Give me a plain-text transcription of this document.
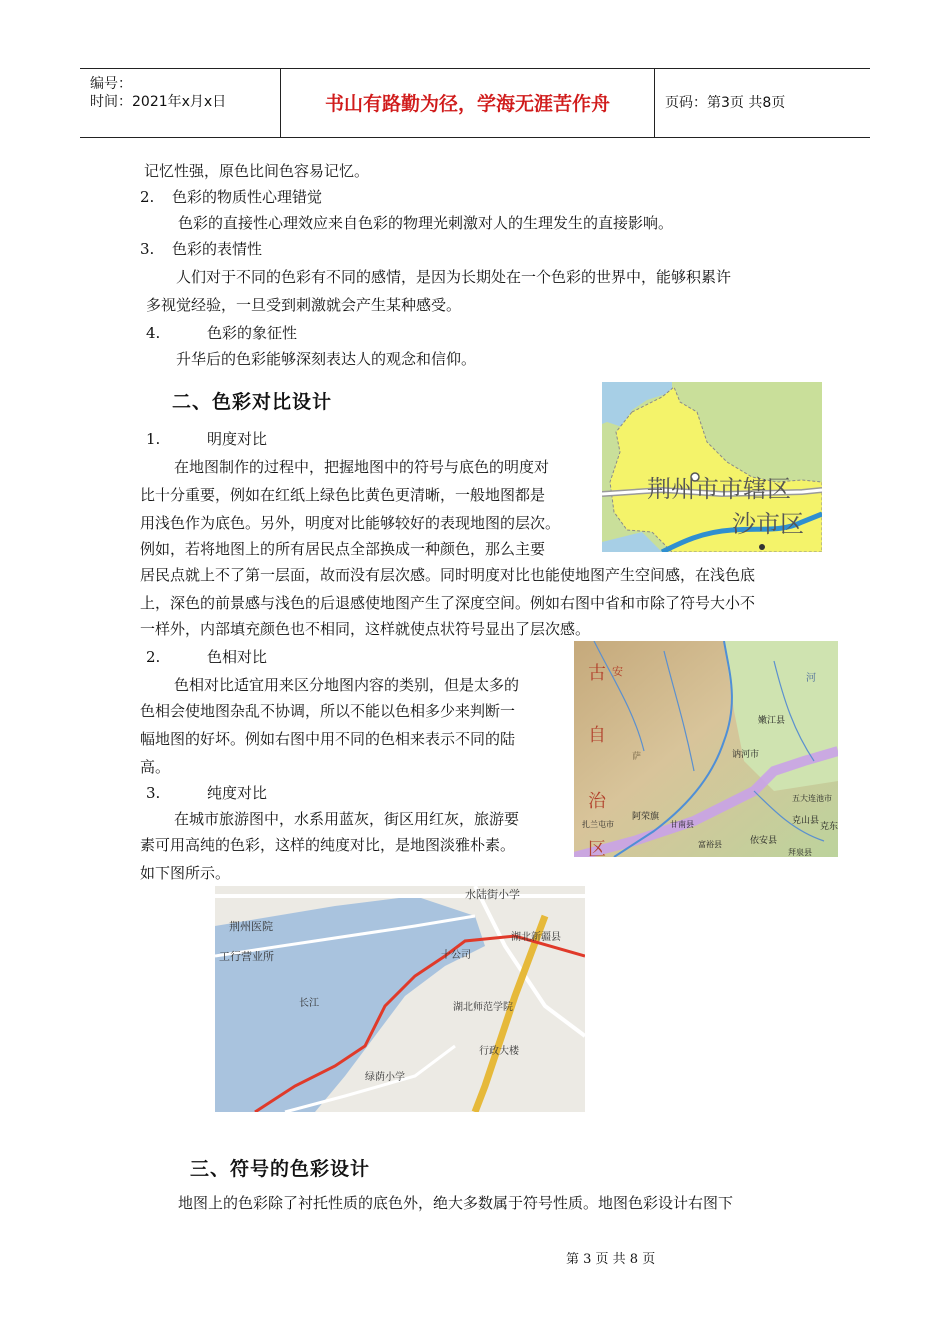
编号：
时间：2021年x月x日	书山有路勤为径，学海无涯苦作舟	页码：第3页 共8页
记忆性强，原色比间色容易记忆。
2. 色彩的物质性心理错觉
色彩的直接性心理效应来自色彩的物理光刺激对人的生理发生的直接影响。
3. 色彩的表情性
人们对于不同的色彩有不同的感情，是因为长期处在一个色彩的世界中，能够积累许
多视觉经验，一旦受到刺激就会产生某种感受。
4.	色彩的象征性
升华后的色彩能够深刻表达人的观念和信仰。
二、色彩对比设计
1.	明度对比
在地图制作的过程中，把握地图中的符号与底色的明度对
比十分重要，例如在红纸上绿色比黄色更清晰，一般地图都是
用浅色作为底色。另外，明度对比能够较好的表现地图的层次。
例如，若将地图上的所有居民点全部换成一种颜色，那么主要
居民点就上不了第一层面，故而没有层次感。同时明度对比也能使地图产生空间感，在浅色底
上，深色的前景感与浅色的后退感使地图产生了深度空间。例如右图中省和市除了符号大小不
一样外，内部填充颜色也不相同，这样就使点状符号显出了层次感。
2.	色相对比
色相对比适宜用来区分地图内容的类别，但是太多的
色相会使地图杂乱不协调，所以不能以色相多少来判断一
幅地图的好坏。例如右图中用不同的色相来表示不同的陆
高。
3.	纯度对比
在城市旅游图中，水系用蓝灰，街区用红灰，旅游要
素可用高纯的色彩，这样的纯度对比，是地图淡雅朴素。
如下图所示。
三、符号的色彩设计
地图上的色彩除了衬托性质的底色外，绝大多数属于符号性质。地图色彩设计右图下
荆州市市辖区
沙市区
古 安
自
治
区
嫩江县
讷河市
阿荣旗
五大连池市
克山县
扎兰屯市	甘南县
富裕县	依安县
克东
拜泉县
萨
河
水陆街小学
荆州医院
工行营业所
长江
十公司
湖北新疆县
湖北师范学院
行政大楼
绿荫小学
第 3 页 共 8 页
